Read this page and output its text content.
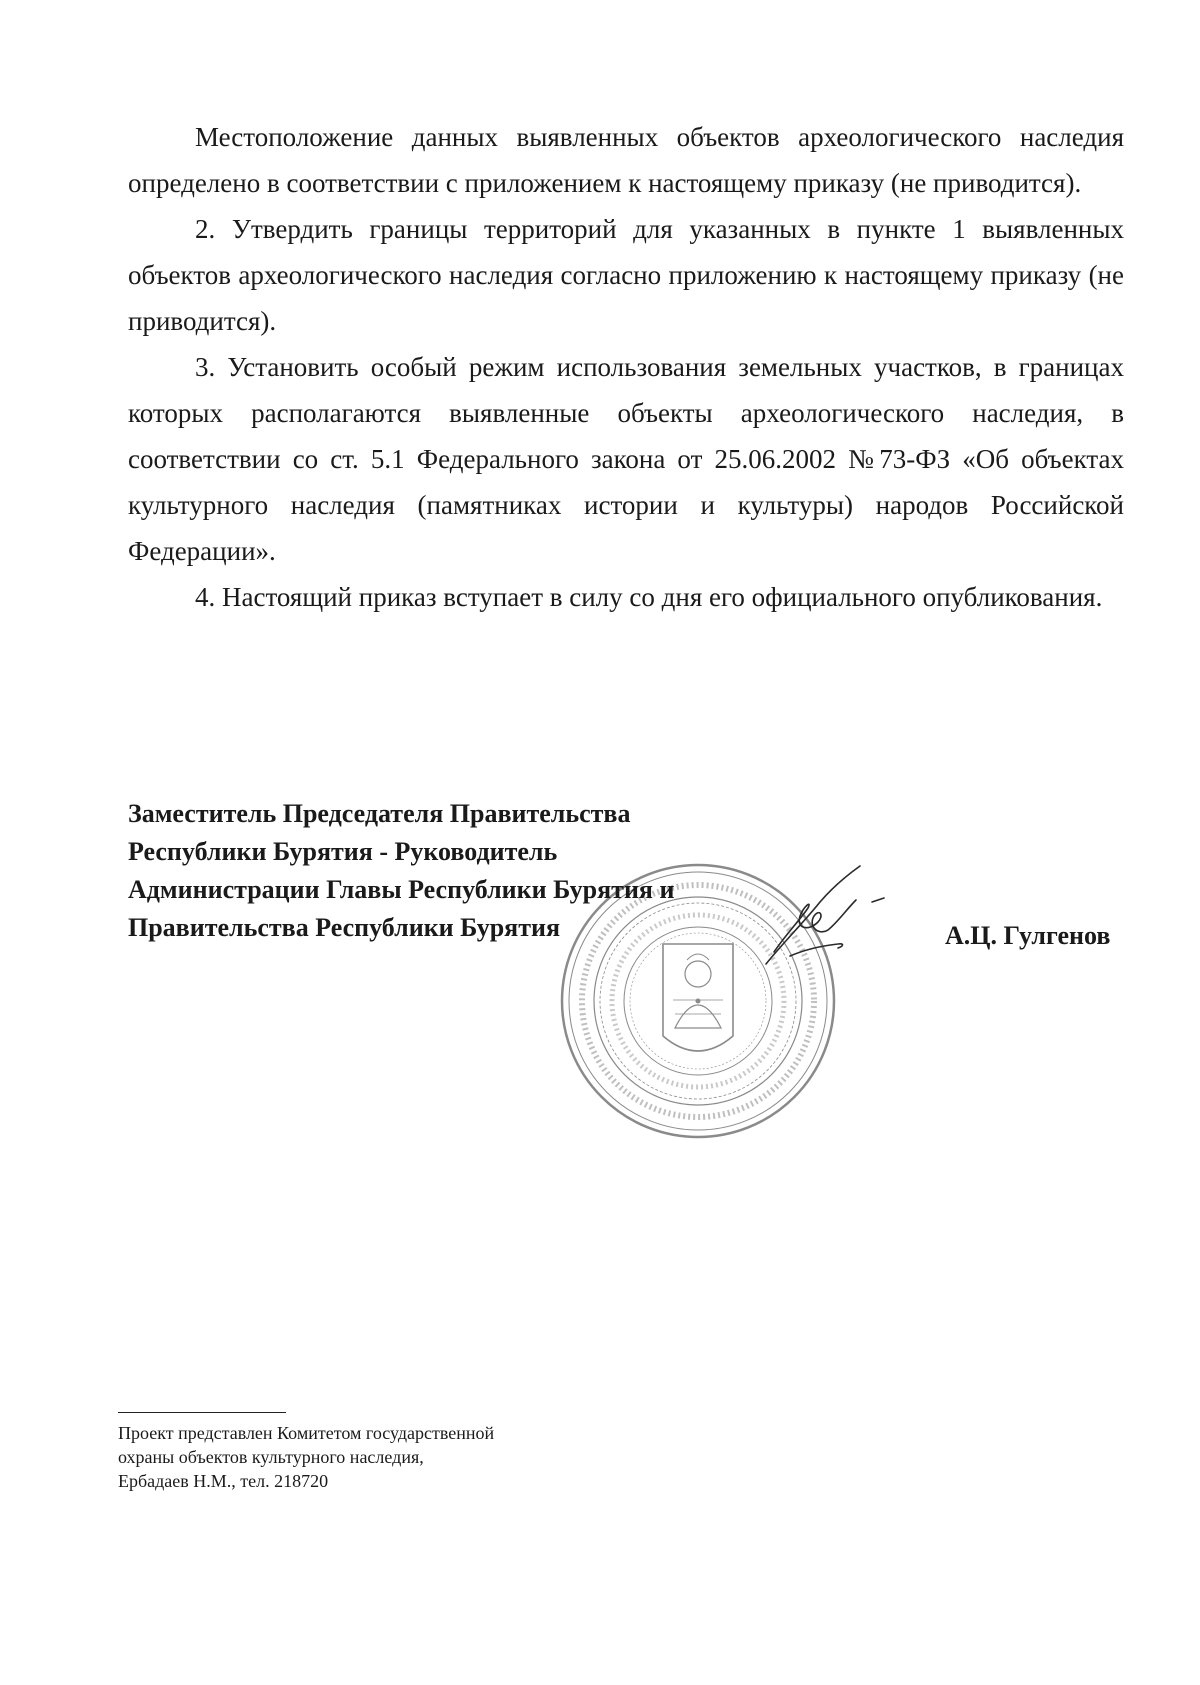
Местоположение данных выявленных объектов археологического наследия определено в соответствии с приложением к настоящему приказу (не приводится).

2. Утвердить границы территорий для указанных в пункте 1 выявленных объектов археологического наследия согласно приложению к настоящему приказу (не приводится).

3. Установить особый режим использования земельных участков, в границах которых располагаются выявленные объекты археологического наследия, в соответствии со ст. 5.1 Федерального закона от 25.06.2002 №73-ФЗ «Об объектах культурного наследия (памятниках истории и культуры) народов Российской Федерации».

4. Настоящий приказ вступает в силу со дня его официального опубликования.

Заместитель Председателя Правительства
Республики Бурятия - Руководитель
Администрации Главы Республики Бурятия и
Правительства Республики Бурятия	А.Ц. Гулгенов
Проект представлен Комитетом государственной
охраны объектов культурного наследия,
Ербадаев Н.М., тел. 218720
